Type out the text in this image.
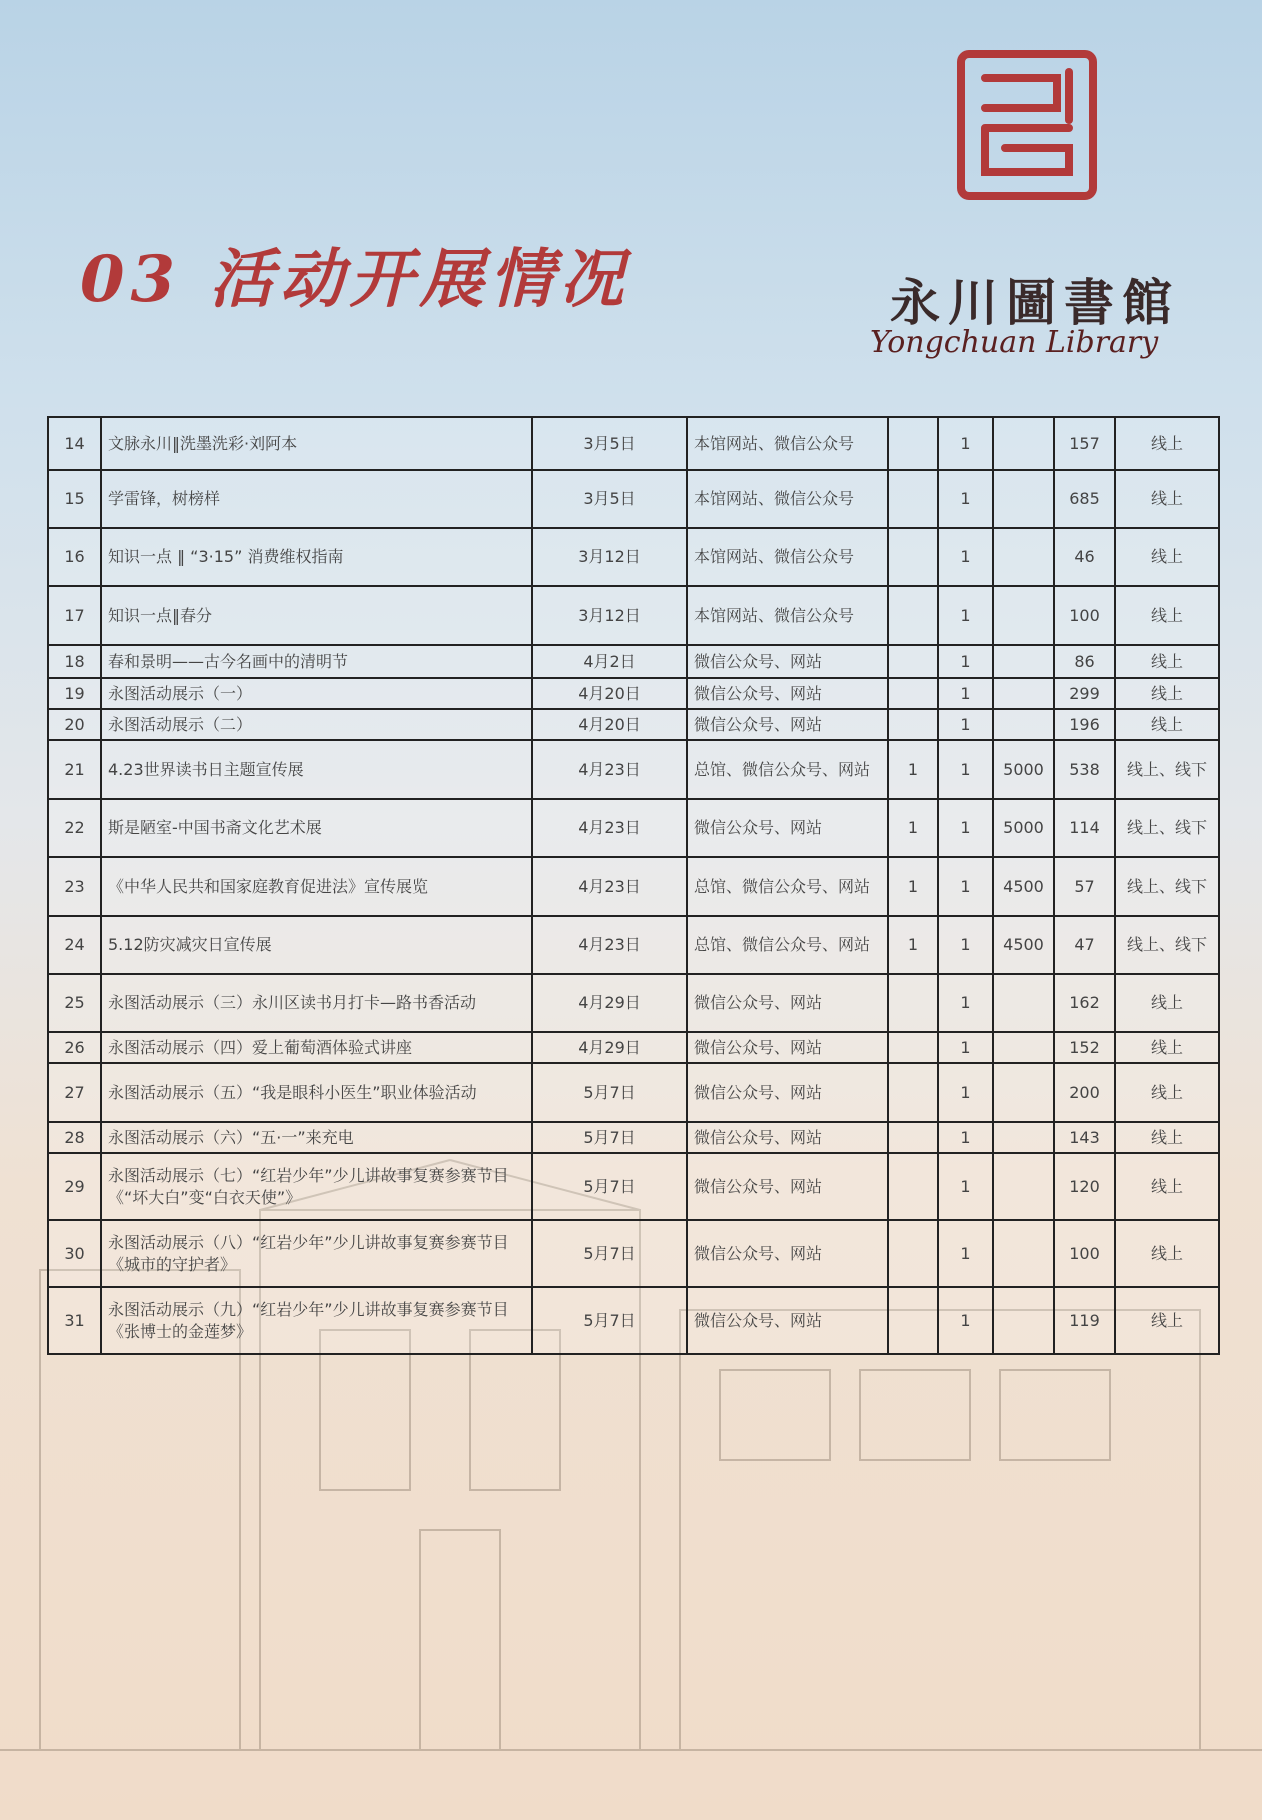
03 活动开展情况	永川圖書館
Yongchuan Library
14	文脉永川‖洗墨洗彩·刘阿本	3月5日	本馆网站、微信公众号		1		157	线上
15	学雷锋，树榜样	3月5日	本馆网站、微信公众号		1		685	线上
16	知识一点 ‖ “3·15” 消费维权指南	3月12日	本馆网站、微信公众号		1		46	线上
17	知识一点‖春分	3月12日	本馆网站、微信公众号		1		100	线上
18	春和景明——古今名画中的清明节	4月2日	微信公众号、网站		1		86	线上
19	永图活动展示（一）	4月20日	微信公众号、网站		1		299	线上
20	永图活动展示（二）	4月20日	微信公众号、网站		1		196	线上
21	4.23世界读书日主题宣传展	4月23日	总馆、微信公众号、网站	1	1	5000	538	线上、线下
22	斯是陋室-中国书斋文化艺术展	4月23日	微信公众号、网站	1	1	5000	114	线上、线下
23	《中华人民共和国家庭教育促进法》宣传展览	4月23日	总馆、微信公众号、网站	1	1	4500	57	线上、线下
24	5.12防灾减灾日宣传展	4月23日	总馆、微信公众号、网站	1	1	4500	47	线上、线下
25	永图活动展示（三）永川区读书月打卡—路书香活动	4月29日	微信公众号、网站		1		162	线上
26	永图活动展示（四）爱上葡萄酒体验式讲座	4月29日	微信公众号、网站		1		152	线上
27	永图活动展示（五）“我是眼科小医生”职业体验活动	5月7日	微信公众号、网站		1		200	线上
28	永图活动展示（六）“五·一”来充电	5月7日	微信公众号、网站		1		143	线上
29	永图活动展示（七）“红岩少年”少儿讲故事复赛参赛节目《“坏大白”变“白衣天使”》	5月7日	微信公众号、网站		1		120	线上
30	永图活动展示（八）“红岩少年”少儿讲故事复赛参赛节目《城市的守护者》	5月7日	微信公众号、网站		1		100	线上
31	永图活动展示（九）“红岩少年”少儿讲故事复赛参赛节目《张博士的金莲梦》	5月7日	微信公众号、网站		1		119	线上
